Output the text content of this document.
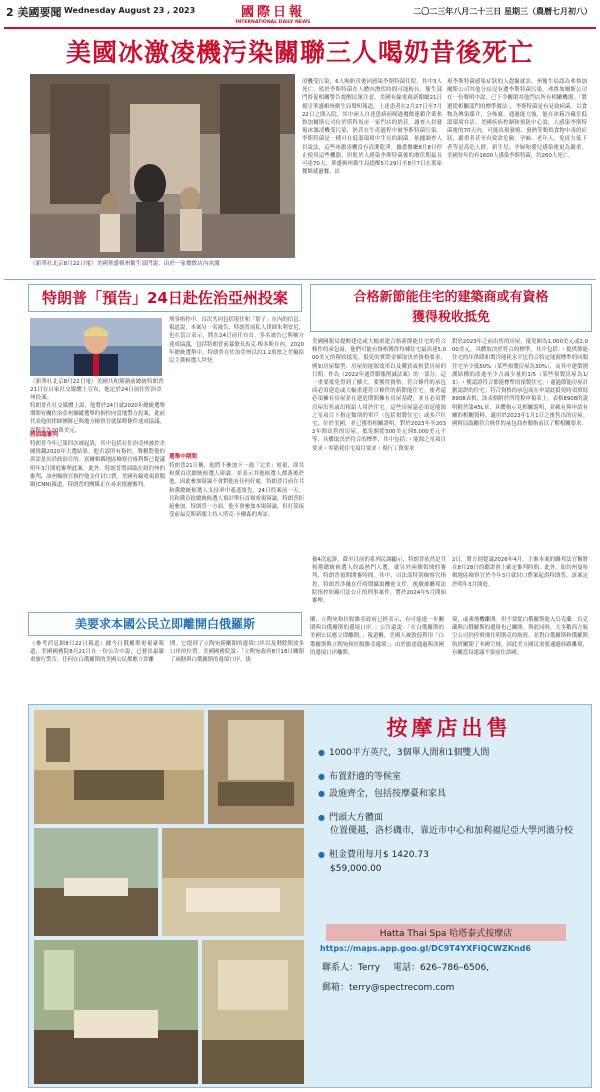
2 美國要聞 Wednesday August 23 , 2023	國際日報
INTERNATIONAL DAILY NEWS
二〇二三年八月二十三日 星期三（農曆七月初八）
美國冰激凌機污染關聯三人喝奶昔後死亡
（新華社北京8月22日電）美國華盛頓州衛生部門說，由於一家餐飲店內冰激
凌機受污染，6人喝奶昔後因感染李斯特菌住院，其中3人死亡。監於李斯特菌在人體內潛伏時間可能較長，衛生部門督促相關警告提醒民眾注意。美國有線電視新聞網21日援引華盛頓州衛生局聲明報道，上述患者在2月27日至7月22日之間入院，其中兩人自述患病前喝過餐飲連鎖企業弗魯加爾斯公司位於塔科馬市一家門店的奶昔。調查人員發現冰激凌機受污染，奶昔在生產過程中被李斯特菌污染。李斯特菌是一種可在低溫環境中生長的細菌。依據調查人員說法，這些冰激凌機沒有清潔乾淨。據悉餐廳8月8日停止使用這些機器，但監於人感染李斯特菌後的潛伏期最長可達70天，華盛頓州衛生局提醒5月29日至8月7日在那家餐館就過餐、出
現李斯特菌感染症狀的人趕緊就診。州衛生局認為弗魯加爾斯公司其他分店沒有遭李斯特菌污染。弗魯加爾斯公司在一份聲明中說，已下令關閉其他門店所有相關機器，「將遵從相關部門的標準做法」。李斯特菌是有見致病菌，以食物為傳染媒介，分佈廣，通過能力強，能在冰箱冷藏室低溫環境存活。美國疾病控制和預防中心說，人感染李斯特菌後的70天內，可能出現發燒、發熱等類似食物中毒的症狀，嚴重者甚至有致命危險。孕婦、老年人、免疫力低下者等是高危人群。新生兒、孕婦和嬰兒感染後更為嚴重。美國每年約有1600人感染李斯特菌，約260人死亡。
特朗普「預告」24日赴佐治亞州投案
（新華社北京8月22日電）美國共和黨籍前總統特朗普21日在自家社交媒體上宣布，他定於24日前往佐治亞州投案。
特朗普在社交媒體上說，他將於24日就2020年總統選舉期間有關佐治亞州操縱選舉的指控向當地警方投案，此前代表他的律師團隊已與地方檢察官就保釋條件達成協議，保釋金為20萬美元。
將面臨審判
特朗普今年已第四次被起訴，其中包括在佐治亞州被控企圖推翻2020年大選結果。他否認所有指控，聲稱對他的訴訟是出於政治目的。富爾頓縣地區檢察官威利斯已提議明年3月開庭審理此案。此外，特朗普將面臨在紐約州的審判，該州檢察官指控他支付封口費。美國有線電視新聞網(CNN)報道，特朗普的團隊正在尋求推遲審判。
刑事指控中，首次共同包括現任和「影子」在內的信息。報道說，本案另一名被告、特朗普前私人律師朱利安尼，也在當日表示，將在24日前往自首。多名被告已與檢方達成協議，包括特朗普前幕僚長馬克·梅多斯在內。2020年總統選舉中，特朗普在佐治亞州以約1.2萬票之差輸給民主黨候選人拜登。
選舉中期間
特朗普21日稱，他將不參加下一週「完美」電視，即共和黨首次總統候選人辯論，並表示其他候選人都落後於他，因此參加辯論不會對他有任何好處。特朗普目前在共和黨總統候選人支持率中遙遙領先。24日投案前一天，共和黨首批總統候選人預計舉行首場電視辯論，特朗普拒絕參加。特朗普一方面，他不會參加本場辯論，但打算接受前福克斯新聞主持人塔克·卡爾森的專訪。
合格新節能住宅的建築商或有資格
獲得稅收抵免
美國國稅局提醒建造或大幅重建合格新節能住宅的符合條件的承包商，他們可能有資格獲得每棟住宅最高達5,000美元的稅收抵免。抵免的實際金額取決於資格要求，例如房屋類型、房屋的能源效率以及購買或租賃房屋的日期。作為《2022年通貨膨脹削減法案》的一部分，這一重要抵免得到了擴大。要獲得資格，符合條件的承包商必須建造或大幅重建符合條件的新節能住宅。後者還必須擁有房屋並在建造期間擁有房屋基礎，並且必須將房屋出售或出租給人用於住宅。這些房屋還必須是能源之星項目下指定類別的單戶（包括預製住宅）或多戶住宅，位於美國，並已獲得相關證明。對於2023年至2032年間出售的房屋，抵免額從500美元到5,000美元不等，具體取決於符合的標準，其中包括：・能源之星項目要求・零能耗住宅項目要求・現行工資要求
對於2023年之前出售的房屋，抵免額為1,000美元或2,000美元，具體取決於符合的標準。其中包括：・提供節能住宅的年供暖和製冷能耗水平比符合特定能源標準的同類住宅至少低50%（某些預製房屋為30%），而其中建築圍護結構的改進至少占減少量的1/5（某些預製房屋為1/3）。・獲認證符合節能標準的預製住宅，・通過節能房屋計劃認證的住宅。符合資格的承包商在申請此抵免時須填寫8908表格，該表格附於所得稅申報表上。表格8908的說明附於第45L章，具體指示見相關說明，並載有與申請有關的相關資料。適用於2023年1月1日之後售出的房屋。國稅局鼓勵符合條件的承包商查閱指南以了解相關要求。
被4次起訴，截至目前的系列民調顯示，特朗普依然是共和黨總統候選人的最熱門人選。就另外兩個領域的審判，特朗普預期開審時間。其中，司法部特別檢察官指控，特朗普涉嫌在任時期竊取機密文件，後續被聯邦法院指控妨礙司法公正的刑事案件，將於2024年5月開始審理。
2日，將方則提議2026年4月。主審本案的聯邦法官稱將在8月28日的聽證會上確定審判時間。此外，紐約州曼哈頓地區檢察官於今年3月就封口費案起訴特朗普，該案定於明年3月開庭。
美要求本國公民立即離開白俄羅斯
（參考消息網8月22日報道）據今日俄羅斯電視臺報道，美國國務院8月21日在一份公告中說，已發出最嚴重旅行警告，任何在白俄羅斯的美國公民都應立即離
開。它提到了立陶宛新關閉的邊境口岸以及剩餘開放多口岸的位置。美國國務院說：「立陶宛政府8月18日關閉了兩個與白俄羅斯的邊境口岸。拔
闌、立陶宛和拉脫維亞政府已經表示，有可能進一步關閉與白俄羅斯的邊境口岸。」公告還說：「在白俄羅斯的美國公民應立即離開。」報道稱，美國人被敦促利用「白俄羅斯與立陶宛和拉脫維亞邊境」，由於旅途通過與該國的邊境口岸離開。
境，或乘飛機離開。但不要從白俄羅斯進入烏克蘭。烏克蘭與白俄羅斯的邊境也已關閉。與此同時，大多數西方航空公司仍停飛飛往明斯克的航班，並對白俄羅斯和俄羅斯航班關閉了本國空域。因此美方國民需要通過陸路離境，有關當局建議不要前往該國。
按摩店出售
● 1000平方英尺，3個單人間和1個雙人間
● 布置舒適的等候室
● 設施齊全，包括按摩臺和家具
● 門頭大方體面
位置優越，洛杉磯市，靠近市中心和加利福尼亞大學河濱分校
● 租金費用每月$ 1420.73
$59,000.00
Hatta Thai Spa 哈塔泰式按摩店
https://maps.app.goo.gl/DC9T4YXFiQCWZKnd6
聯系人：Terry 電話：626–786–6506,
郵箱：terry@spectrecom.com
